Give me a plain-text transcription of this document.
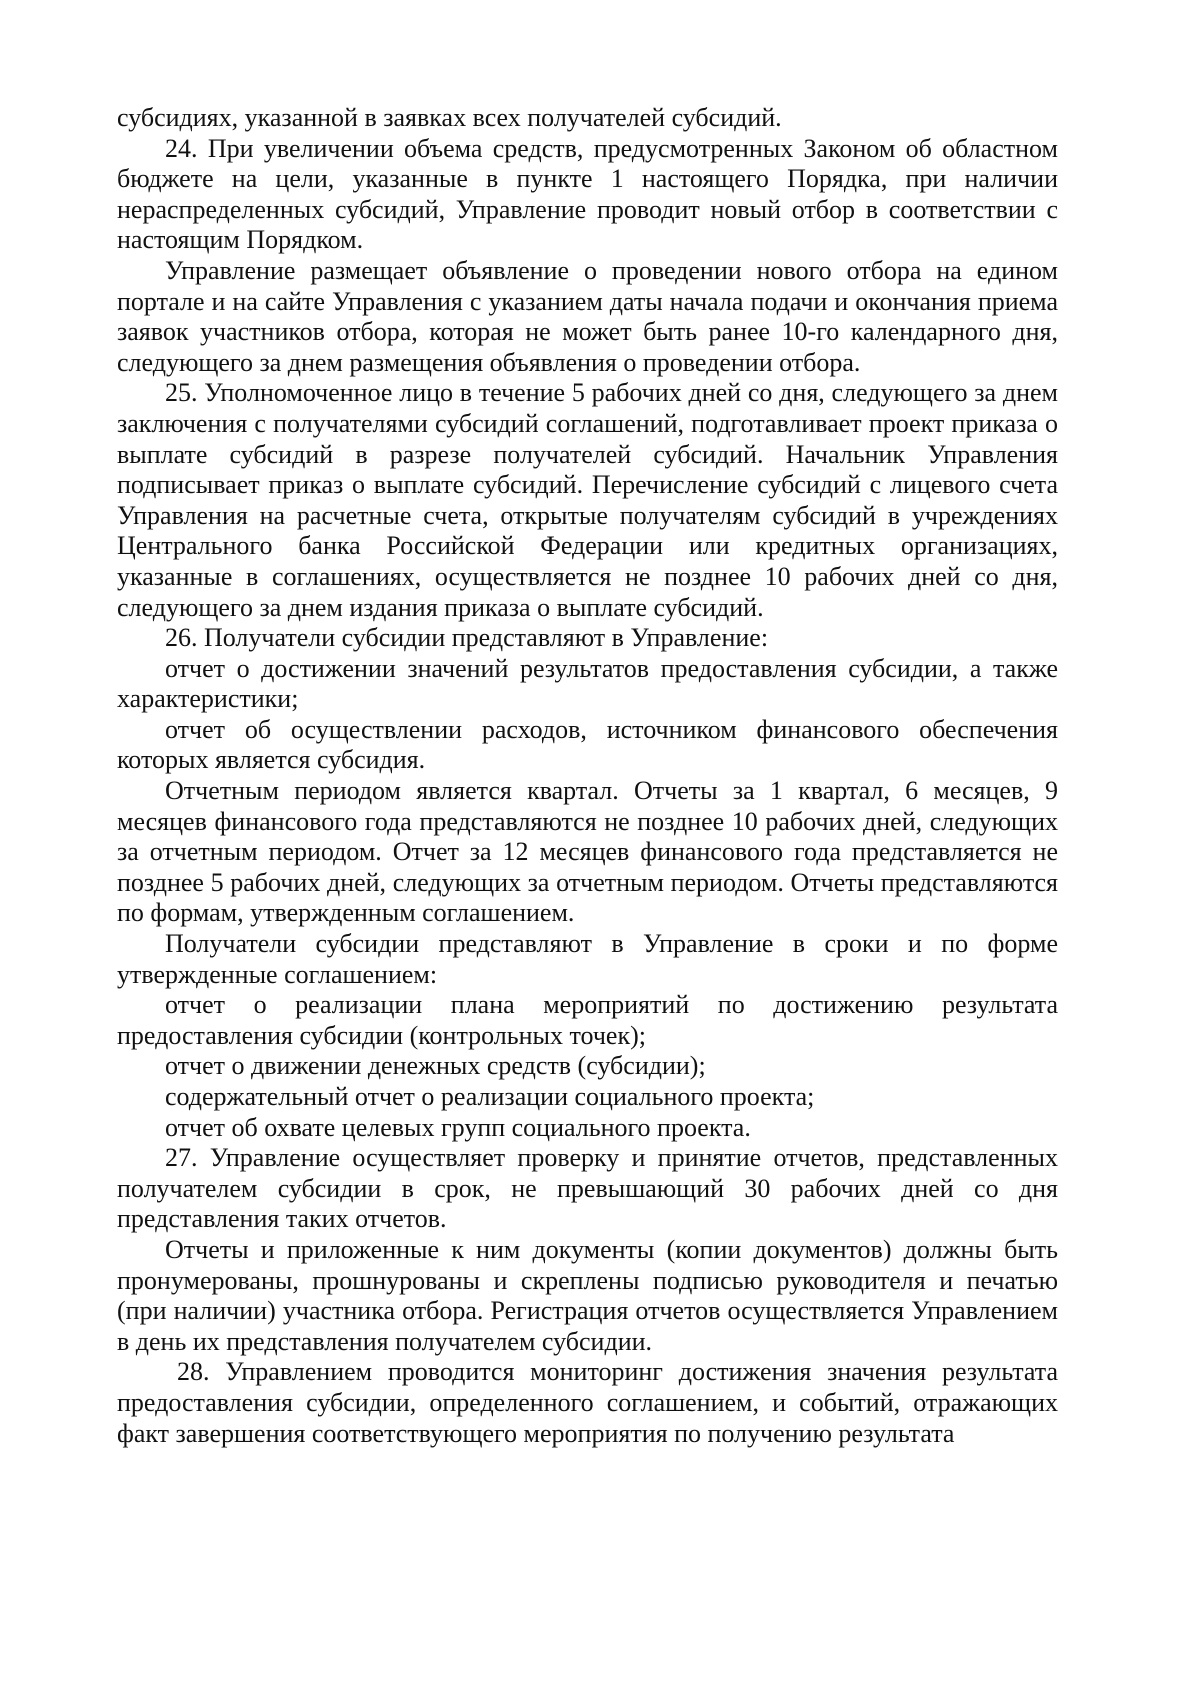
субсидиях, указанной в заявках всех получателей субсидий.

24. При увеличении объема средств, предусмотренных Законом об областном бюджете на цели, указанные в пункте 1 настоящего Порядка, при наличии нераспределенных субсидий, Управление проводит новый отбор в соответствии с настоящим Порядком.

Управление размещает объявление о проведении нового отбора на едином портале и на сайте Управления с указанием даты начала подачи и окончания приема заявок участников отбора, которая не может быть ранее 10-го календарного дня, следующего за днем размещения объявления о проведении отбора.

25. Уполномоченное лицо в течение 5 рабочих дней со дня, следующего за днем заключения с получателями субсидий соглашений, подготавливает проект приказа о выплате субсидий в разрезе получателей субсидий. Начальник Управления подписывает приказ о выплате субсидий. Перечисление субсидий с лицевого счета Управления на расчетные счета, открытые получателям субсидий в учреждениях Центрального банка Российской Федерации или кредитных организациях, указанные в соглашениях, осуществляется не позднее 10 рабочих дней со дня, следующего за днем издания приказа о выплате субсидий.

26. Получатели субсидии представляют в Управление:

отчет о достижении значений результатов предоставления субсидии, а также характеристики;

отчет об осуществлении расходов, источником финансового обеспечения которых является субсидия.

Отчетным периодом является квартал. Отчеты за 1 квартал, 6 месяцев, 9 месяцев финансового года представляются не позднее 10 рабочих дней, следующих за отчетным периодом. Отчет за 12 месяцев финансового года представляется не позднее 5 рабочих дней, следующих за отчетным периодом. Отчеты представляются по формам, утвержденным соглашением.

Получатели субсидии представляют в Управление в сроки и по форме утвержденные соглашением:

отчет о реализации плана мероприятий по достижению результата предоставления субсидии (контрольных точек);

отчет о движении денежных средств (субсидии);

содержательный отчет о реализации социального проекта;

отчет об охвате целевых групп социального проекта.

27. Управление осуществляет проверку и принятие отчетов, представленных получателем субсидии в срок, не превышающий 30 рабочих дней со дня представления таких отчетов.

Отчеты и приложенные к ним документы (копии документов) должны быть пронумерованы, прошнурованы и скреплены подписью руководителя и печатью (при наличии) участника отбора. Регистрация отчетов осуществляется Управлением в день их представления получателем субсидии.

28. Управлением проводится мониторинг достижения значения результата предоставления субсидии, определенного соглашением, и событий, отражающих факт завершения соответствующего мероприятия по получению результата
